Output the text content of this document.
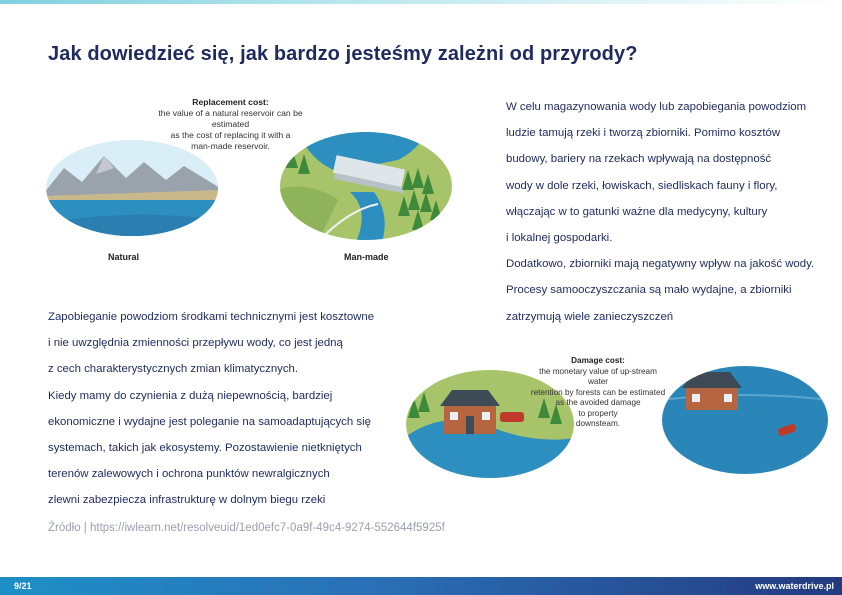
Jak dowiedzieć się, jak bardzo jesteśmy zależni od przyrody?
Replacement cost:
the value of a natural reservoir can be estimated
as the cost of replacing it with a
man-made reservoir.
Natural	Man-made
Damage cost:
the monetary value of up-stream water
retention by forests can be estimated
as the avoided damage
to property
downsteam.

W celu magazynowania wody lub zapobiegania powodziom
ludzie tamują rzeki i tworzą zbiorniki. Pomimo kosztów
budowy, bariery na rzekach wpływają na dostępność
wody w dole rzeki, łowiskach, siedliskach fauny i flory,
włączając w to gatunki ważne dla medycyny, kultury
i lokalnej gospodarki.
Dodatkowo, zbiorniki mają negatywny wpływ na jakość wody.
Procesy samooczyszczania są mało wydajne, a zbiorniki
zatrzymują wiele zanieczyszczeń

Zapobieganie powodziom środkami technicznymi jest kosztowne
i nie uwzględnia zmienności przepływu wody, co jest jedną
z cech charakterystycznych zmian klimatycznych.
Kiedy mamy do czynienia z dużą niepewnością, bardziej
ekonomiczne i wydajne jest poleganie na samoadaptujących się
systemach, takich jak ekosystemy. Pozostawienie nietkniętych
terenów zalewowych i ochrona punktów newralgicznych
zlewni zabezpiecza infrastrukturę w dolnym biegu rzeki

Źródło | https://iwlearn.net/resolveuid/1ed0efc7-0a9f-49c4-9274-552644f5925f
9/21	www.waterdrive.pl
